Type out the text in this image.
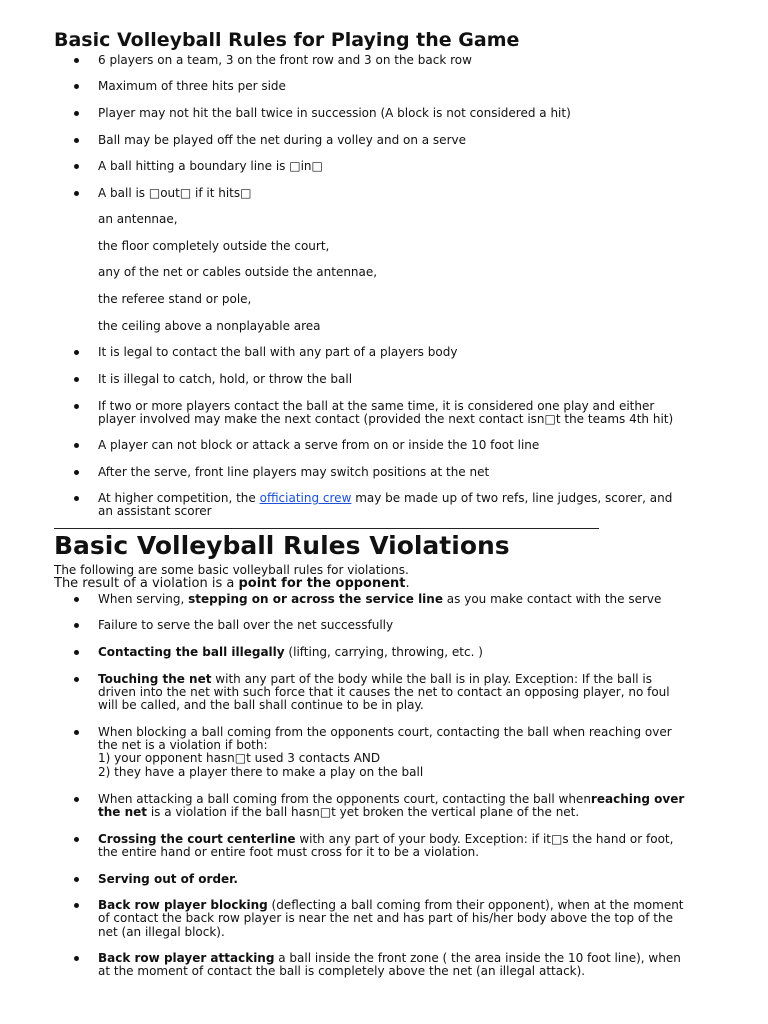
Basic Volleyball Rules for Playing the Game
6 players on a team, 3 on the front row and 3 on the back row
Maximum of three hits per side
Player may not hit the ball twice in succession (A block is not considered a hit)
Ball may be played off the net during a volley and on a serve
A ball hitting a boundary line is □in□
A ball is □out□ if it hits□
an antennae,
the floor completely outside the court,
any of the net or cables outside the antennae,
the referee stand or pole,
the ceiling above a nonplayable area
It is legal to contact the ball with any part of a players body
It is illegal to catch, hold, or throw the ball
If two or more players contact the ball at the same time, it is considered one play and either
player involved may make the next contact (provided the next contact isn□t the teams 4th hit)
A player can not block or attack a serve from on or inside the 10 foot line
After the serve, front line players may switch positions at the net
At higher competition, the officiating crew may be made up of two refs, line judges, scorer, and
an assistant scorer
Basic Volleyball Rules Violations
The following are some basic volleyball rules for violations.
The result of a violation is a point for the opponent.
When serving, stepping on or across the service line as you make contact with the serve
Failure to serve the ball over the net successfully
Contacting the ball illegally (lifting, carrying, throwing, etc. )
Touching the net with any part of the body while the ball is in play. Exception: If the ball is
driven into the net with such force that it causes the net to contact an opposing player, no foul
will be called, and the ball shall continue to be in play.
When blocking a ball coming from the opponents court, contacting the ball when reaching over
the net is a violation if both:
1) your opponent hasn□t used 3 contacts AND
2) they have a player there to make a play on the ball
When attacking a ball coming from the opponents court, contacting the ball whenreaching over
the net is a violation if the ball hasn□t yet broken the vertical plane of the net.
Crossing the court centerline with any part of your body. Exception: if it□s the hand or foot,
the entire hand or entire foot must cross for it to be a violation.
Serving out of order.
Back row player blocking (deflecting a ball coming from their opponent), when at the moment
of contact the back row player is near the net and has part of his/her body above the top of the
net (an illegal block).
Back row player attacking a ball inside the front zone ( the area inside the 10 foot line), when
at the moment of contact the ball is completely above the net (an illegal attack).
